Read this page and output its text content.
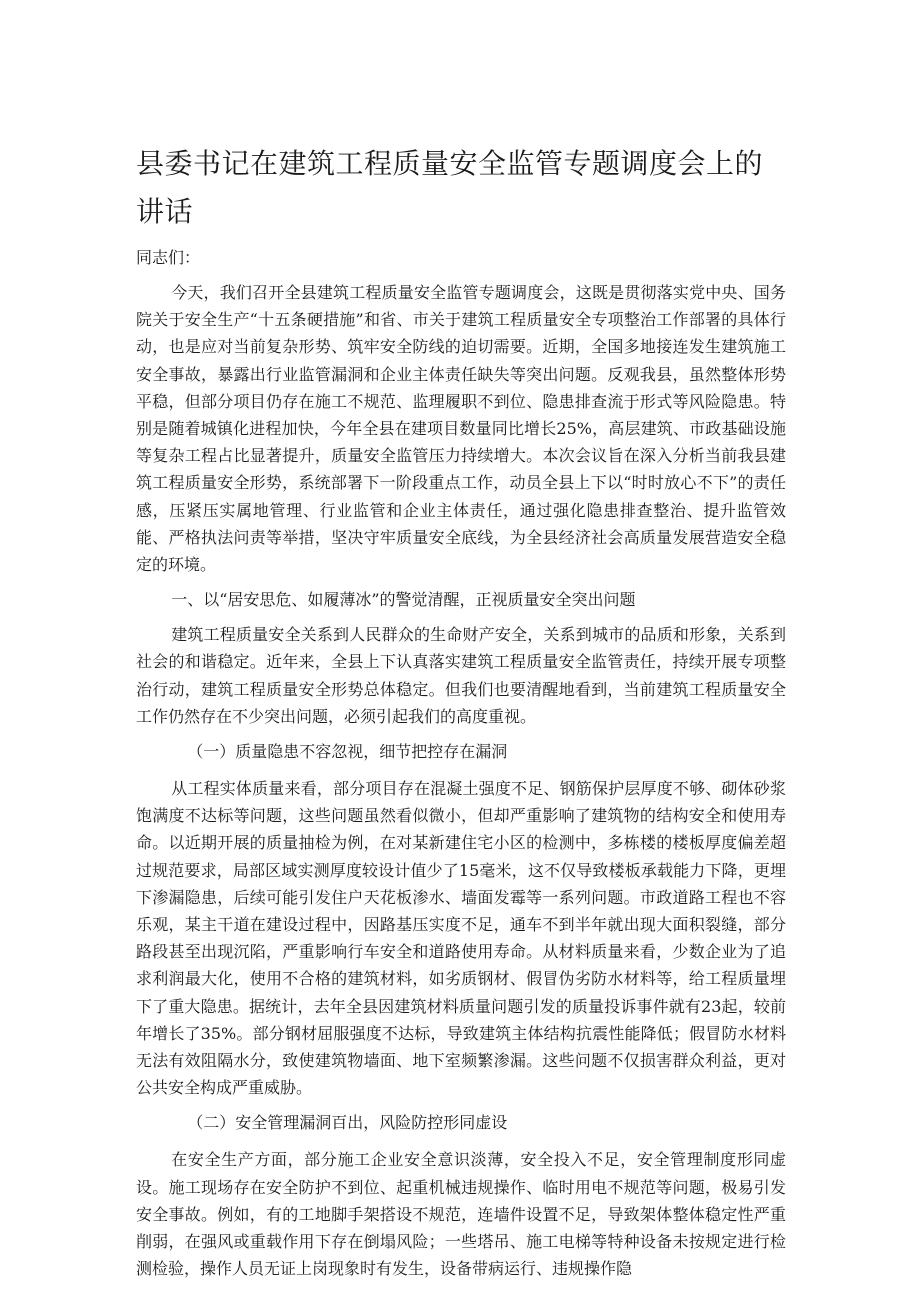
县委书记在建筑工程质量安全监管专题调度会上的讲话

同志们：

今天，我们召开全县建筑工程质量安全监管专题调度会，这既是贯彻落实党中央、国务院关于安全生产“十五条硬措施”和省、市关于建筑工程质量安全专项整治工作部署的具体行动，也是应对当前复杂形势、筑牢安全防线的迫切需要。近期，全国多地接连发生建筑施工安全事故，暴露出行业监管漏洞和企业主体责任缺失等突出问题。反观我县，虽然整体形势平稳，但部分项目仍存在施工不规范、监理履职不到位、隐患排查流于形式等风险隐患。特别是随着城镇化进程加快，今年全县在建项目数量同比增长25%，高层建筑、市政基础设施等复杂工程占比显著提升，质量安全监管压力持续增大。本次会议旨在深入分析当前我县建筑工程质量安全形势，系统部署下一阶段重点工作，动员全县上下以“时时放心不下”的责任感，压紧压实属地管理、行业监管和企业主体责任，通过强化隐患排查整治、提升监管效能、严格执法问责等举措，坚决守牢质量安全底线，为全县经济社会高质量发展营造安全稳定的环境。

一、以“居安思危、如履薄冰”的警觉清醒，正视质量安全突出问题

建筑工程质量安全关系到人民群众的生命财产安全，关系到城市的品质和形象，关系到社会的和谐稳定。近年来，全县上下认真落实建筑工程质量安全监管责任，持续开展专项整治行动，建筑工程质量安全形势总体稳定。但我们也要清醒地看到，当前建筑工程质量安全工作仍然存在不少突出问题，必须引起我们的高度重视。

（一）质量隐患不容忽视，细节把控存在漏洞

从工程实体质量来看，部分项目存在混凝土强度不足、钢筋保护层厚度不够、砌体砂浆饱满度不达标等问题，这些问题虽然看似微小，但却严重影响了建筑物的结构安全和使用寿命。以近期开展的质量抽检为例，在对某新建住宅小区的检测中，多栋楼的楼板厚度偏差超过规范要求，局部区域实测厚度较设计值少了15毫米，这不仅导致楼板承载能力下降，更埋下渗漏隐患，后续可能引发住户天花板渗水、墙面发霉等一系列问题。市政道路工程也不容乐观，某主干道在建设过程中，因路基压实度不足，通车不到半年就出现大面积裂缝，部分路段甚至出现沉陷，严重影响行车安全和道路使用寿命。从材料质量来看，少数企业为了追求利润最大化，使用不合格的建筑材料，如劣质钢材、假冒伪劣防水材料等，给工程质量埋下了重大隐患。据统计，去年全县因建筑材料质量问题引发的质量投诉事件就有23起，较前年增长了35%。部分钢材屈服强度不达标，导致建筑主体结构抗震性能降低；假冒防水材料无法有效阻隔水分，致使建筑物墙面、地下室频繁渗漏。这些问题不仅损害群众利益，更对公共安全构成严重威胁。

（二）安全管理漏洞百出，风险防控形同虚设

在安全生产方面，部分施工企业安全意识淡薄，安全投入不足，安全管理制度形同虚设。施工现场存在安全防护不到位、起重机械违规操作、临时用电不规范等问题，极易引发安全事故。例如，有的工地脚手架搭设不规范，连墙件设置不足，导致架体整体稳定性严重削弱，在强风或重载作用下存在倒塌风险；一些塔吊、施工电梯等特种设备未按规定进行检测检验，操作人员无证上岗现象时有发生，设备带病运行、违规操作隐
